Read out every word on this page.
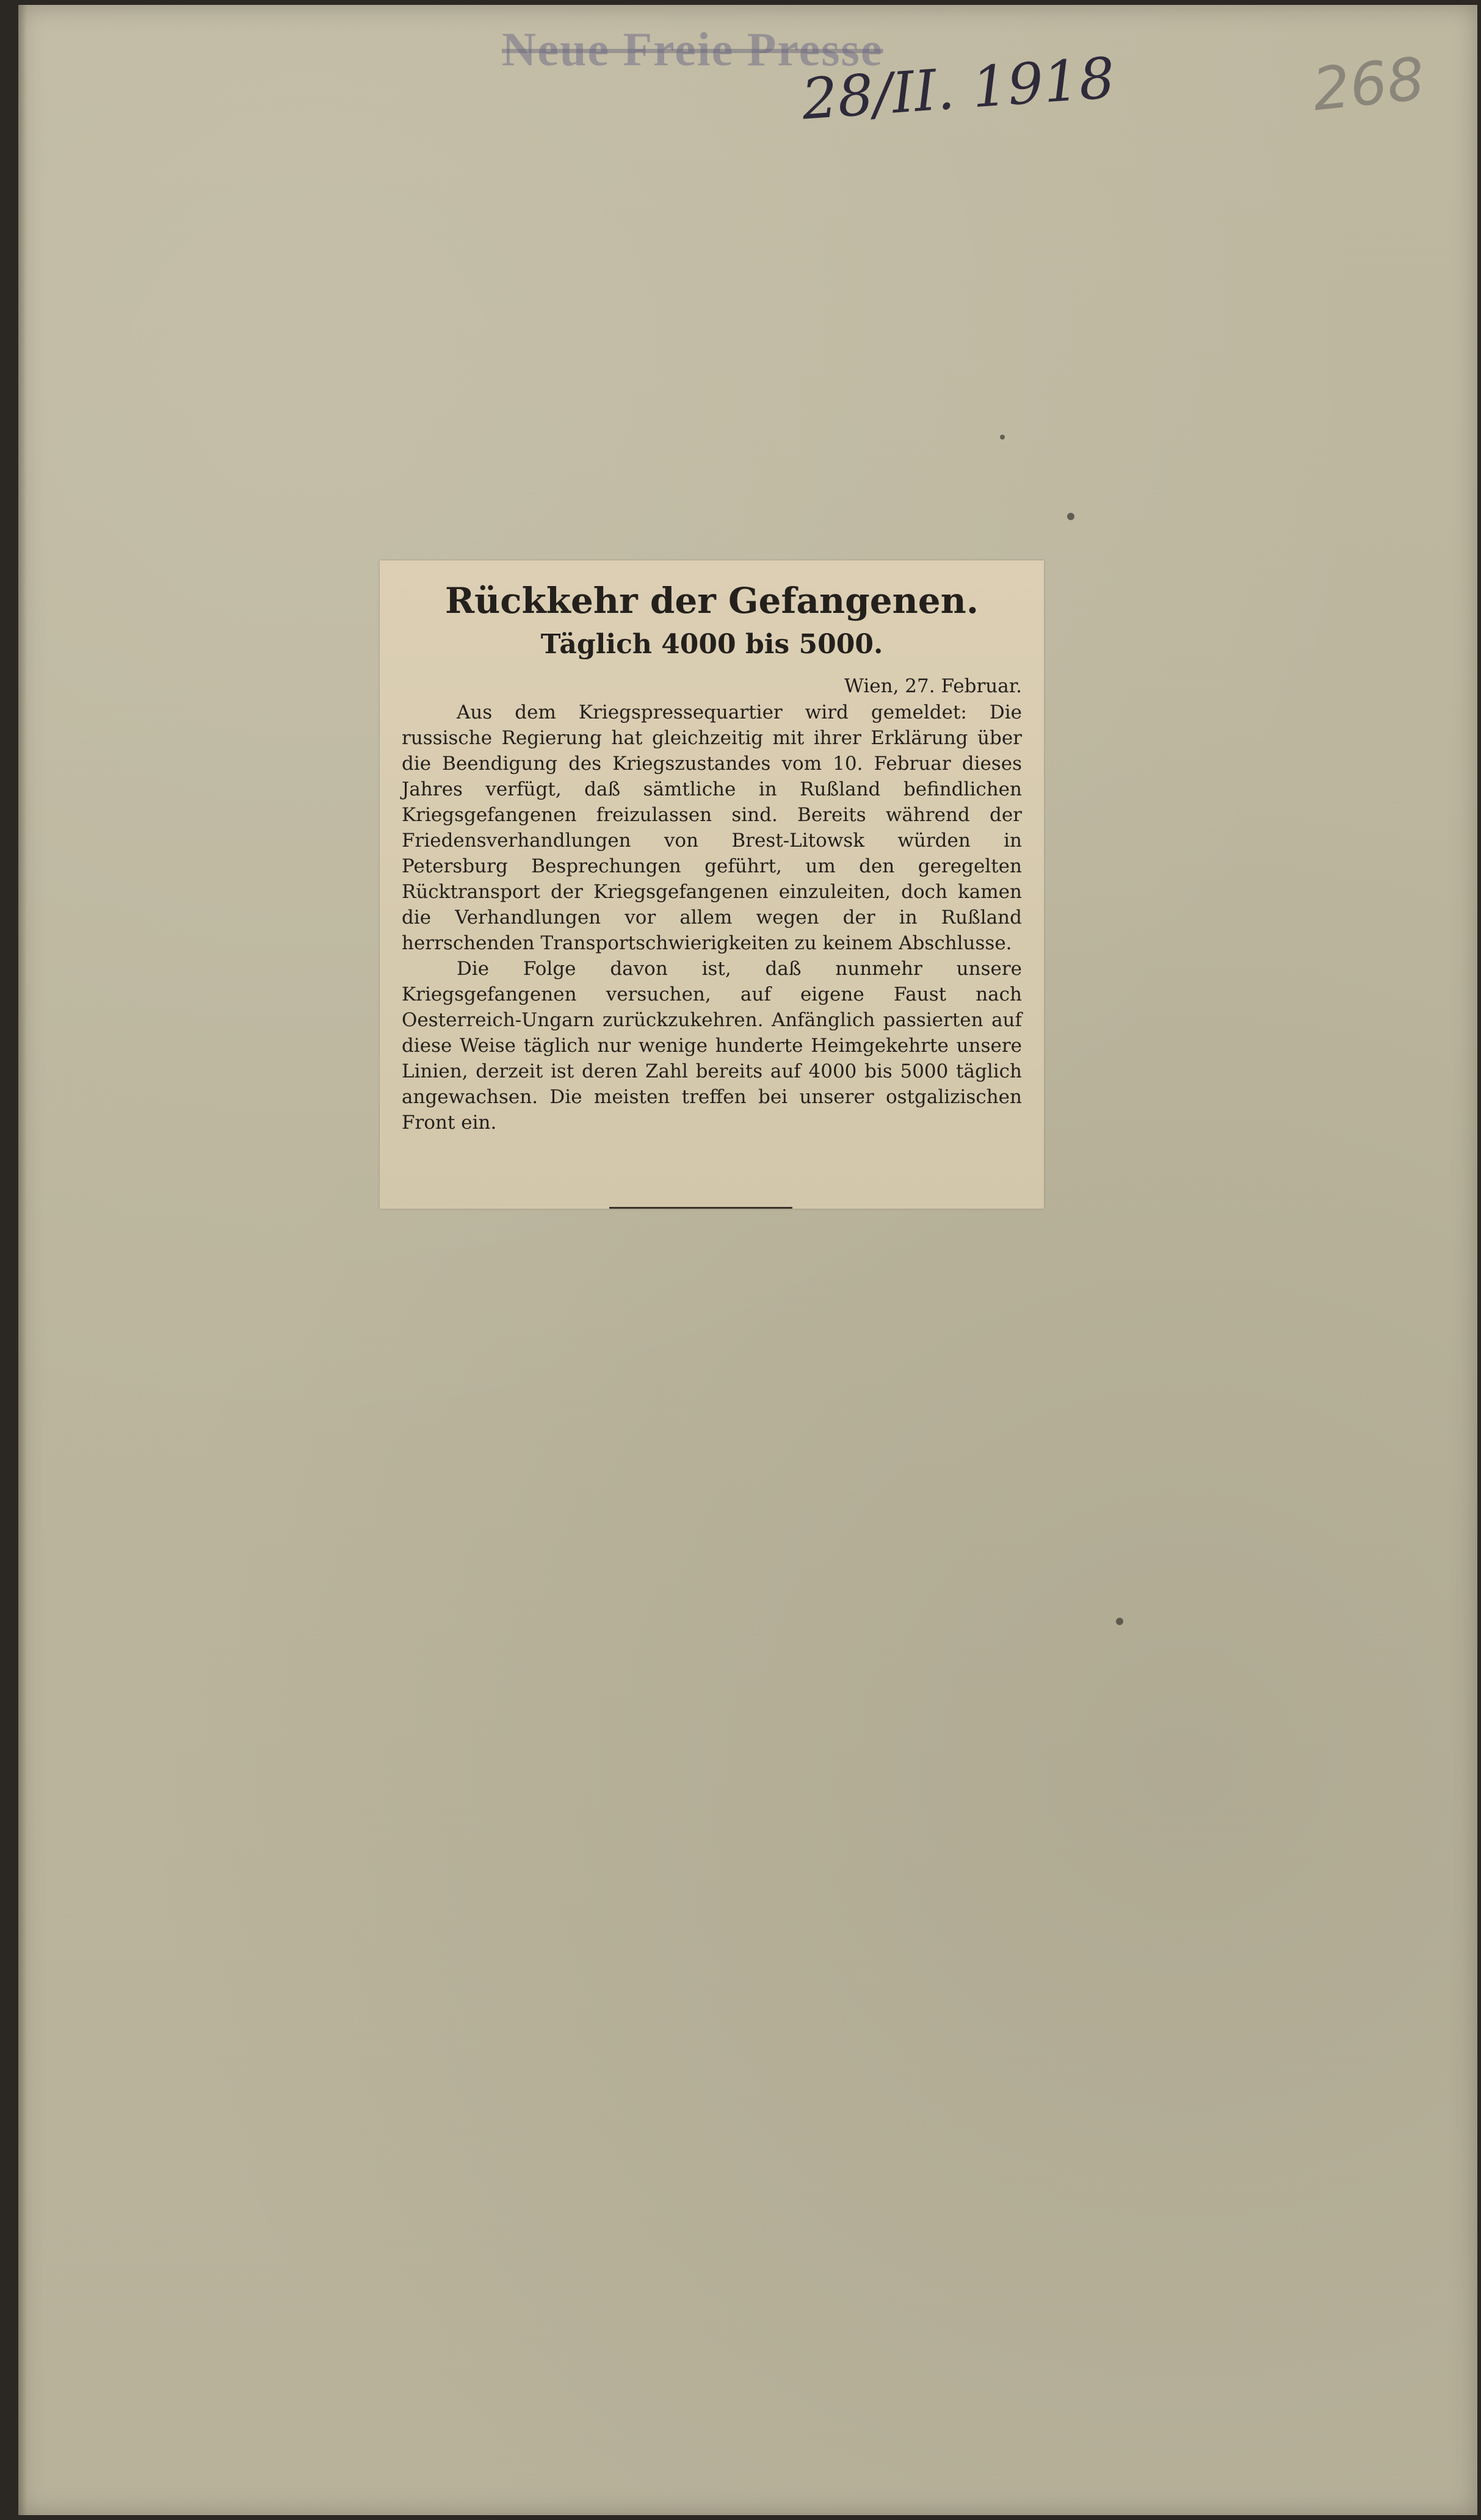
Neue Freie Presse
28/II. 1918	268
Rückkehr der Gefangenen.
Täglich 4000 bis 5000.
Wien, 27. Februar.

Aus dem Kriegspressequartier wird gemeldet: Die russische Regierung hat gleichzeitig mit ihrer Erklärung über die Beendigung des Kriegszustandes vom 10. Februar dieses Jahres verfügt, daß sämtliche in Rußland befindlichen Kriegsgefangenen freizulassen sind. Bereits während der Friedensverhandlungen von Brest-Litowsk würden in Petersburg Besprechungen geführt, um den geregelten Rücktransport der Kriegsgefangenen einzuleiten, doch kamen die Verhandlungen vor allem wegen der in Rußland herrschenden Transportschwierigkeiten zu keinem Abschlusse.

Die Folge davon ist, daß nunmehr unsere Kriegsgefangenen versuchen, auf eigene Faust nach Oesterreich-Ungarn zurückzukehren. Anfänglich passierten auf diese Weise täglich nur wenige hunderte Heimgekehrte unsere Linien, derzeit ist deren Zahl bereits auf 4000 bis 5000 täglich angewachsen. Die meisten treffen bei unserer ostgalizischen Front ein.
